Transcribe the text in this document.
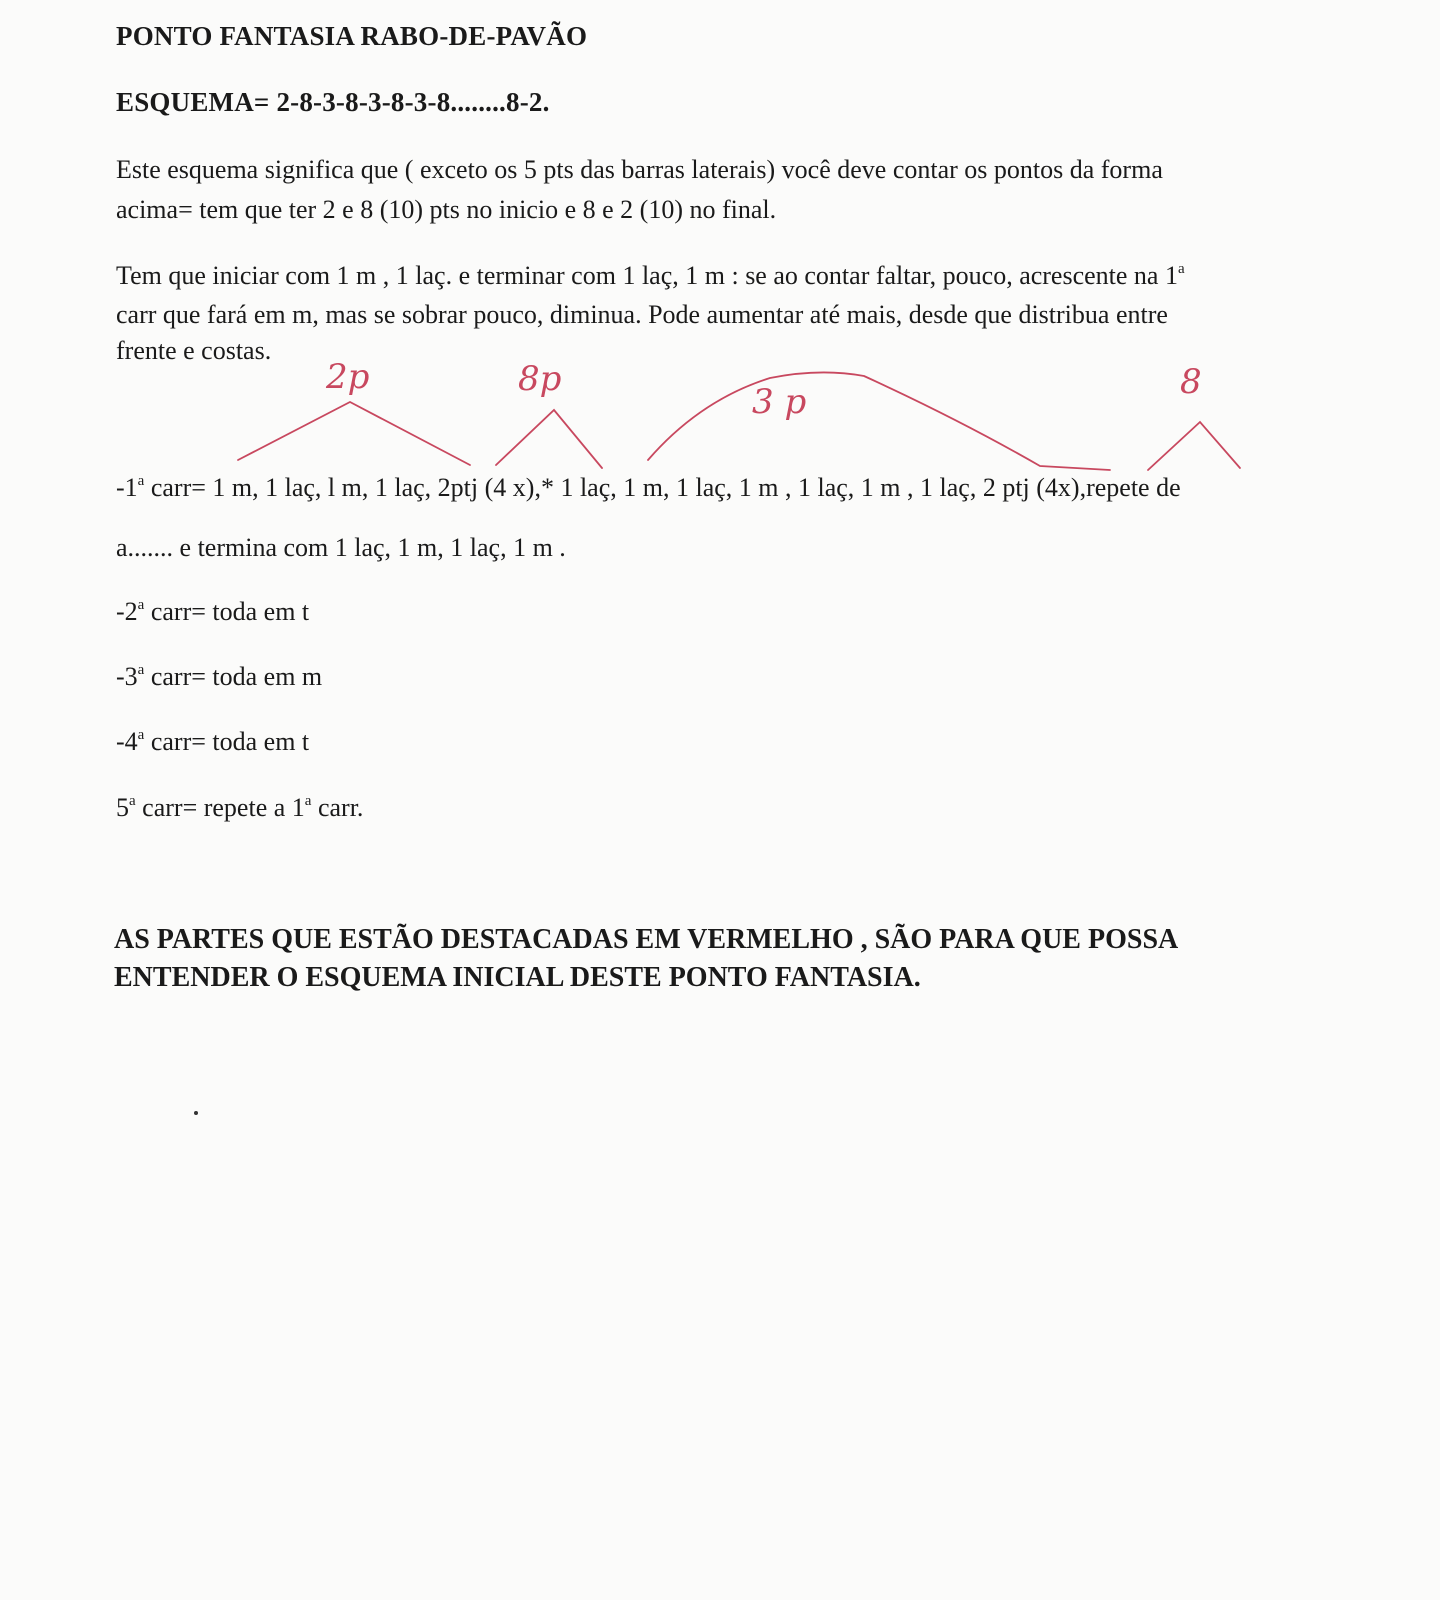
PONTO FANTASIA RABO-DE-PAVÃO
ESQUEMA= 2-8-3-8-3-8-3-8........8-2.
Este esquema significa que ( exceto os 5 pts das barras laterais) você deve contar os pontos da forma
acima= tem que ter 2 e 8 (10) pts no inicio e 8 e 2 (10) no final.
Tem que iniciar com 1 m , 1 laç. e terminar com 1 laç, 1 m : se ao contar faltar, pouco, acrescente na 1$^a$
carr que fará em m, mas se sobrar pouco, diminua. Pode aumentar até mais, desde que distribua entre
frente e costas.
2p	8p
3 p	8
-1$^a$ carr= 1 m, 1 laç, l m, 1 laç, 2ptj (4 x),* 1 laç, 1 m, 1 laç, 1 m , 1 laç, 1 m , 1 laç, 2 ptj (4x),repete de
a....... e termina com 1 laç, 1 m, 1 laç, 1 m .
-2$^a$ carr= toda em t
-3$^a$ carr= toda em m
-4$^a$ carr= toda em t
5$^a$ carr= repete a 1$^a$ carr.
AS PARTES QUE ESTÃO DESTACADAS EM VERMELHO , SÃO PARA QUE POSSA
ENTENDER O ESQUEMA INICIAL DESTE PONTO FANTASIA.
